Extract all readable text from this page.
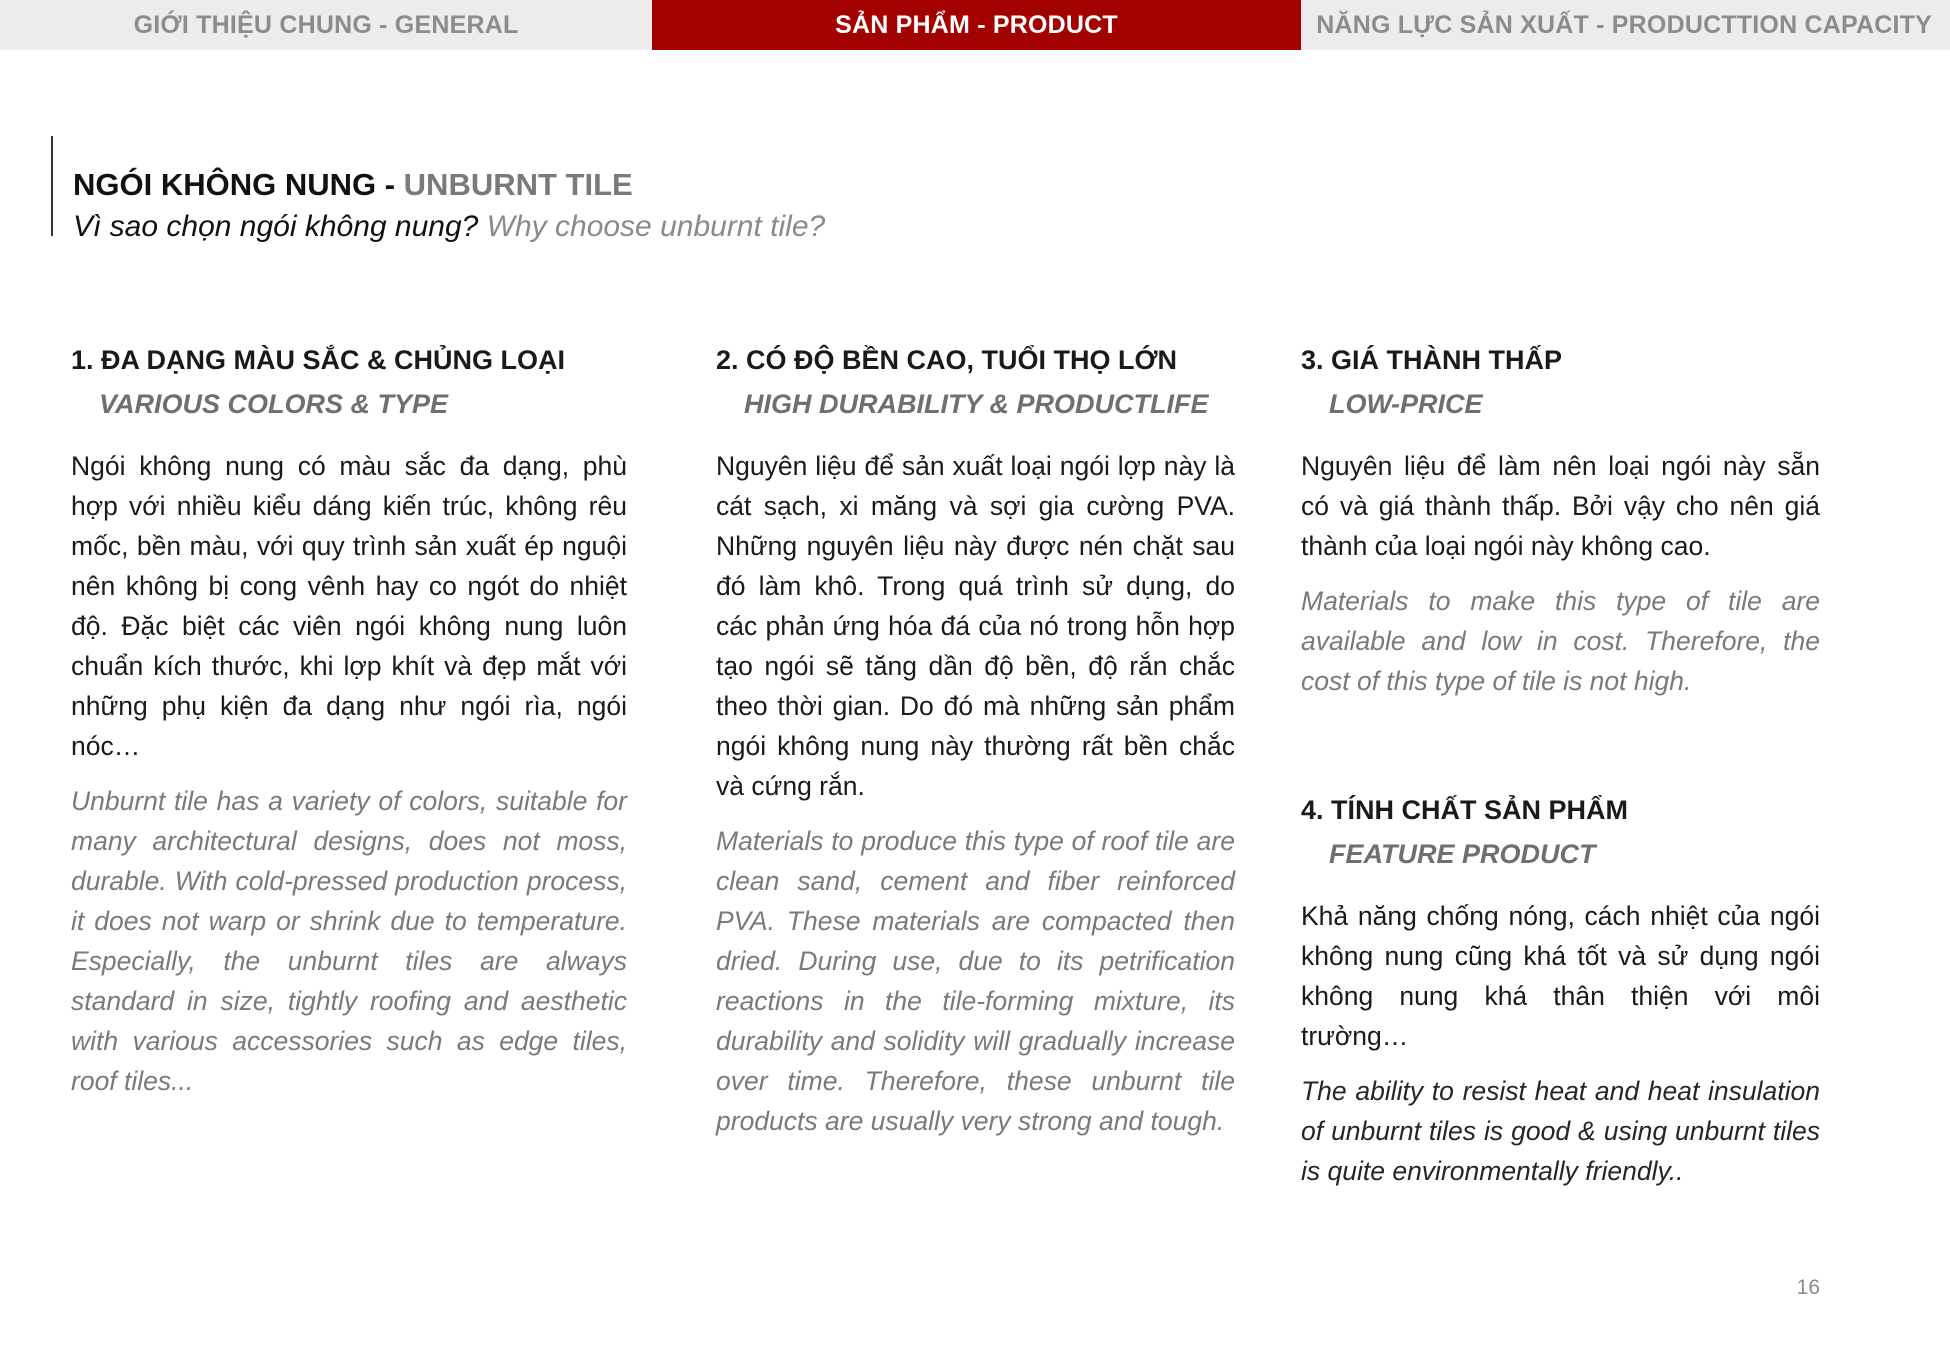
GIỚI THIỆU CHUNG - GENERAL	SẢN PHẨM - PRODUCT	NĂNG LỰC SẢN XUẤT - PRODUCTTION CAPACITY
NGÓI KHÔNG NUNG - UNBURNT TILE
Vì sao chọn ngói không nung? Why choose unburnt tile?
1. ĐA DẠNG MÀU SẮC & CHỦNG LOẠI
VARIOUS COLORS & TYPE

Ngói không nung có màu sắc đa dạng, phù hợp với nhiều kiểu dáng kiến trúc, không rêu mốc, bền màu, với quy trình sản xuất ép nguội nên không bị cong vênh hay co ngót do nhiệt độ. Đặc biệt các viên ngói không nung luôn chuẩn kích thước, khi lợp khít và đẹp mắt với những phụ kiện đa dạng như ngói rìa, ngói nóc…

Unburnt tile has a variety of colors, suitable for many architectural designs, does not moss, durable. With cold-pressed production process, it does not warp or shrink due to temperature. Especially, the unburnt tiles are always standard in size, tightly roofing and aesthetic with various accessories such as edge tiles, roof tiles...

2. CÓ ĐỘ BỀN CAO, TUỔI THỌ LỚN
HIGH DURABILITY & PRODUCTLIFE

Nguyên liệu để sản xuất loại ngói lợp này là cát sạch, xi măng và sợi gia cường PVA. Những nguyên liệu này được nén chặt sau đó làm khô. Trong quá trình sử dụng, do các phản ứng hóa đá của nó trong hỗn hợp tạo ngói sẽ tăng dần độ bền, độ rắn chắc theo thời gian. Do đó mà những sản phẩm ngói không nung này thường rất bền chắc và cứng rắn.

Materials to produce this type of roof tile are clean sand, cement and fiber reinforced PVA. These materials are compacted then dried. During use, due to its petrification reactions in the tile-forming mixture, its durability and solidity will gradually increase over time. Therefore, these unburnt tile products are usually very strong and tough.

3. GIÁ THÀNH THẤP
LOW-PRICE

Nguyên liệu để làm nên loại ngói này sẵn có và giá thành thấp. Bởi vậy cho nên giá thành của loại ngói này không cao.

Materials to make this type of tile are available and low in cost. Therefore, the cost of this type of tile is not high.

4. TÍNH CHẤT SẢN PHẨM
FEATURE PRODUCT

Khả năng chống nóng, cách nhiệt của ngói không nung cũng khá tốt và sử dụng ngói không nung khá thân thiện với môi trường…

The ability to resist heat and heat insulation of unburnt tiles is good & using unburnt tiles is quite environmentally friendly..

16
